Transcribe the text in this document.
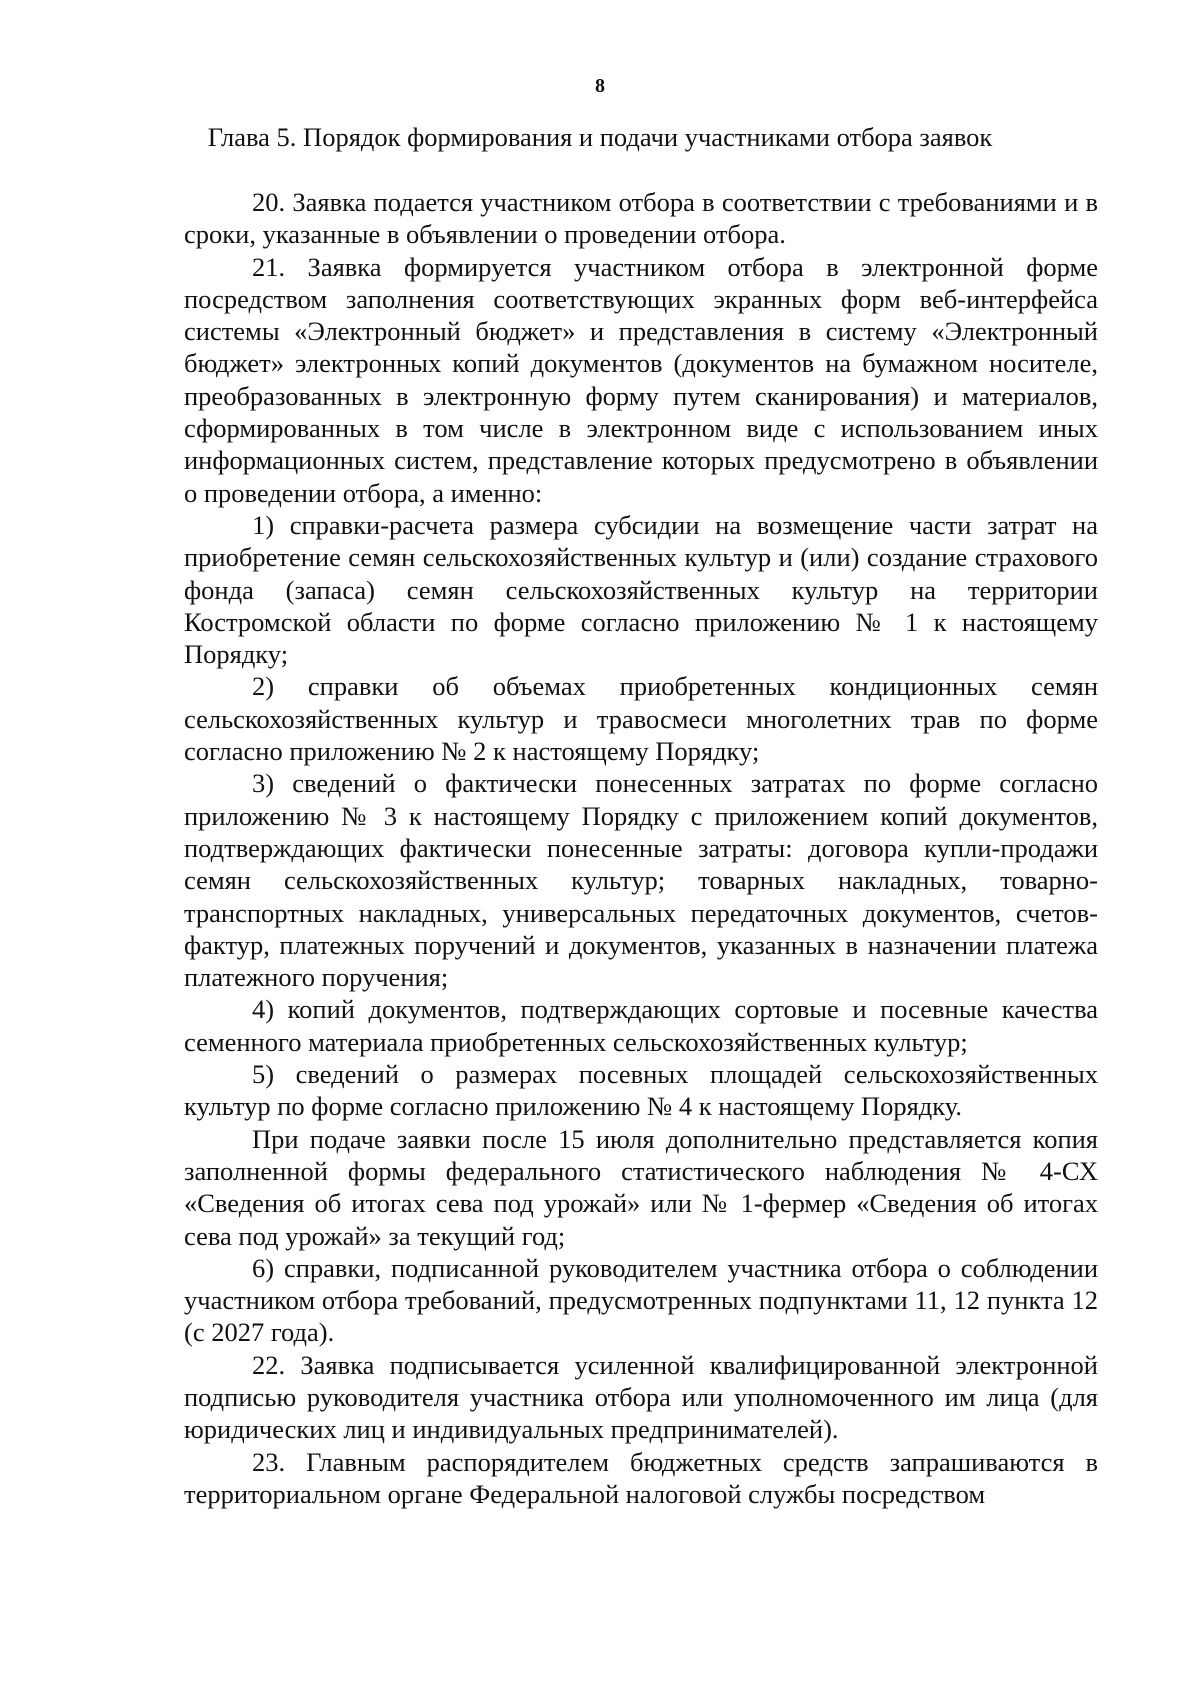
8
Глава 5. Порядок формирования и подачи участниками отбора заявок

20. Заявка подается участником отбора в соответствии с требованиями и в сроки, указанные в объявлении о проведении отбора.

21. Заявка формируется участником отбора в электронной форме посредством заполнения соответствующих экранных форм веб-интерфейса системы «Электронный бюджет» и представления в систему «Электронный бюджет» электронных копий документов (документов на бумажном носителе, преобразованных в электронную форму путем сканирования) и материалов, сформированных в том числе в электронном виде с использованием иных информационных систем, представление которых предусмотрено в объявлении о проведении отбора, а именно:

1) справки-расчета размера субсидии на возмещение части затрат на приобретение семян сельскохозяйственных культур и (или) создание страхового фонда (запаса) семян сельскохозяйственных культур на территории Костромской области по форме согласно приложению № 1 к настоящему Порядку;

2) справки об объемах приобретенных кондиционных семян сельскохозяйственных культур и травосмеси многолетних трав по форме согласно приложению № 2 к настоящему Порядку;

3) сведений о фактически понесенных затратах по форме согласно приложению № 3 к настоящему Порядку с приложением копий документов, подтверждающих фактически понесенные затраты: договора купли-продажи семян сельскохозяйственных культур; товарных накладных, товарно-транспортных накладных, универсальных передаточных документов, счетов-фактур, платежных поручений и документов, указанных в назначении платежа платежного поручения;

4) копий документов, подтверждающих сортовые и посевные качества семенного материала приобретенных сельскохозяйственных культур;

5) сведений о размерах посевных площадей сельскохозяйственных культур по форме согласно приложению № 4 к настоящему Порядку.

При подаче заявки после 15 июля дополнительно представляется копия заполненной формы федерального статистического наблюдения № 4-СХ «Сведения об итогах сева под урожай» или № 1-фермер «Сведения об итогах сева под урожай» за текущий год;

6) справки, подписанной руководителем участника отбора о соблюдении участником отбора требований, предусмотренных подпунктами 11, 12 пункта 12 (с 2027 года).

22. Заявка подписывается усиленной квалифицированной электронной подписью руководителя участника отбора или уполномоченного им лица (для юридических лиц и индивидуальных предпринимателей).

23. Главным распорядителем бюджетных средств запрашиваются в территориальном органе Федеральной налоговой службы посредством
